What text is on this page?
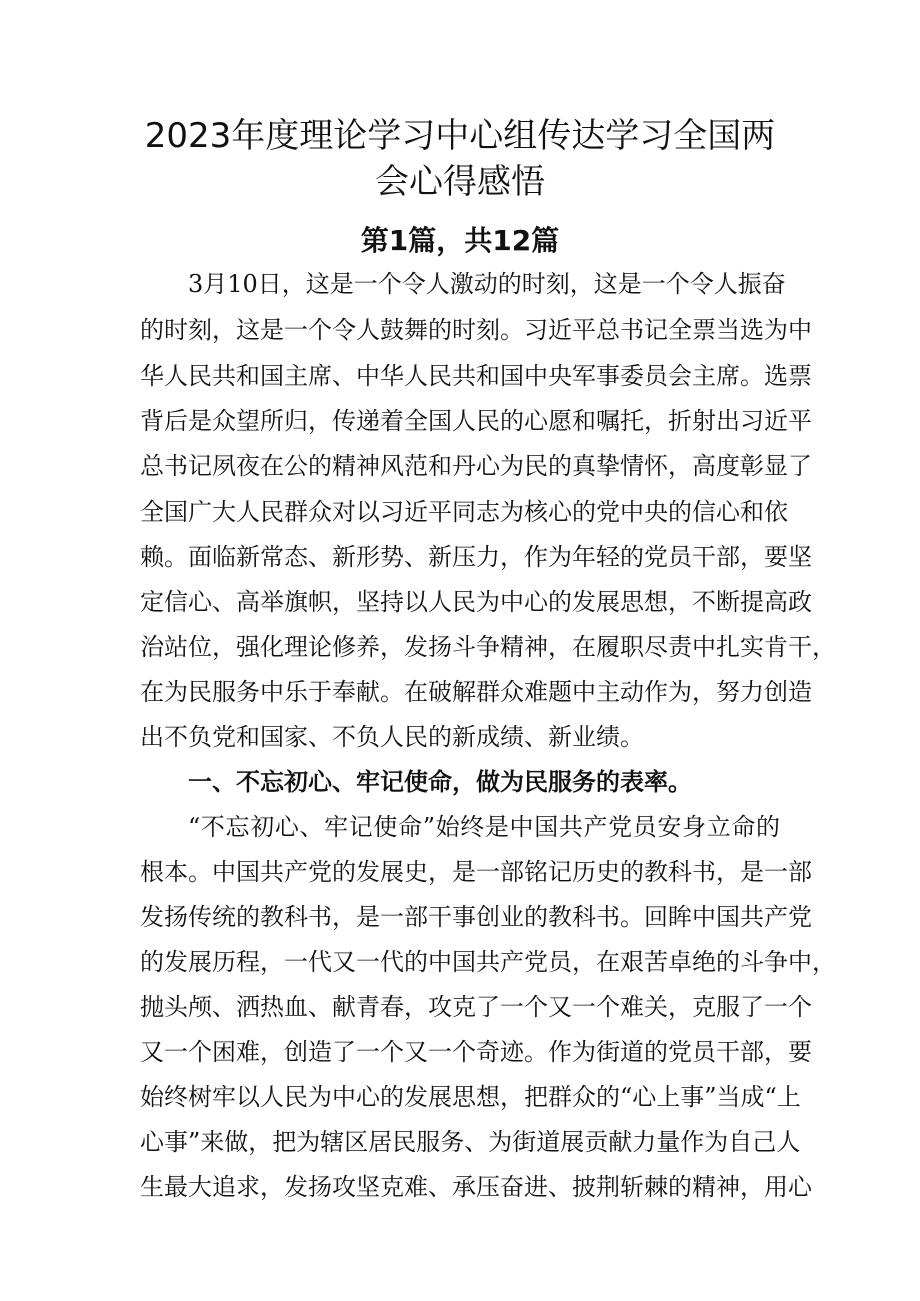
2023年度理论学习中心组传达学习全国两
会心得感悟
第1篇，共12篇
3月10日，这是一个令人激动的时刻，这是一个令人振奋
的时刻，这是一个令人鼓舞的时刻。习近平总书记全票当选为中
华人民共和国主席、中华人民共和国中央军事委员会主席。选票
背后是众望所归，传递着全国人民的心愿和嘱托，折射出习近平
总书记夙夜在公的精神风范和丹心为民的真挚情怀，高度彰显了
全国广大人民群众对以习近平同志为核心的党中央的信心和依
赖。面临新常态、新形势、新压力，作为年轻的党员干部，要坚
定信心、高举旗帜，坚持以人民为中心的发展思想，不断提高政
治站位，强化理论修养，发扬斗争精神，在履职尽责中扎实肯干，
在为民服务中乐于奉献。在破解群众难题中主动作为，努力创造
出不负党和国家、不负人民的新成绩、新业绩。
一、不忘初心、牢记使命，做为民服务的表率。
“不忘初心、牢记使命”始终是中国共产党员安身立命的
根本。中国共产党的发展史，是一部铭记历史的教科书，是一部
发扬传统的教科书，是一部干事创业的教科书。回眸中国共产党
的发展历程，一代又一代的中国共产党员，在艰苦卓绝的斗争中，
抛头颅、洒热血、献青春，攻克了一个又一个难关，克服了一个
又一个困难，创造了一个又一个奇迹。作为街道的党员干部，要
始终树牢以人民为中心的发展思想，把群众的“心上事”当成“上
心事”来做，把为辖区居民服务、为街道展贡献力量作为自己人
生最大追求，发扬攻坚克难、承压奋进、披荆斩棘的精神，用心
